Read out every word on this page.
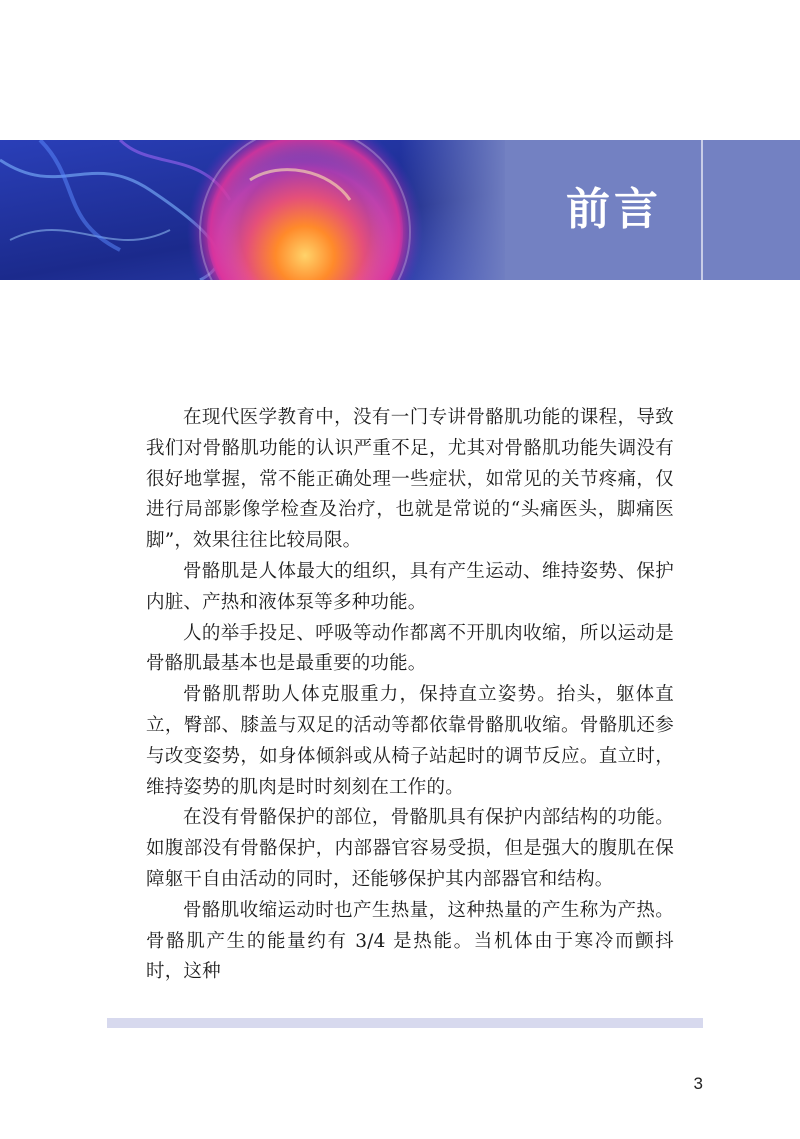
前言

在现代医学教育中，没有一门专讲骨骼肌功能的课程，导致我们对骨骼肌功能的认识严重不足，尤其对骨骼肌功能失调没有很好地掌握，常不能正确处理一些症状，如常见的关节疼痛，仅进行局部影像学检查及治疗，也就是常说的“头痛医头，脚痛医脚”，效果往往比较局限。

骨骼肌是人体最大的组织，具有产生运动、维持姿势、保护内脏、产热和液体泵等多种功能。

人的举手投足、呼吸等动作都离不开肌肉收缩，所以运动是骨骼肌最基本也是最重要的功能。

骨骼肌帮助人体克服重力，保持直立姿势。抬头，躯体直立，臀部、膝盖与双足的活动等都依靠骨骼肌收缩。骨骼肌还参与改变姿势，如身体倾斜或从椅子站起时的调节反应。直立时，维持姿势的肌肉是时时刻刻在工作的。

在没有骨骼保护的部位，骨骼肌具有保护内部结构的功能。如腹部没有骨骼保护，内部器官容易受损，但是强大的腹肌在保障躯干自由活动的同时，还能够保护其内部器官和结构。

骨骼肌收缩运动时也产生热量，这种热量的产生称为产热。骨骼肌产生的能量约有 3/4 是热能。当机体由于寒冷而颤抖时，这种

3
